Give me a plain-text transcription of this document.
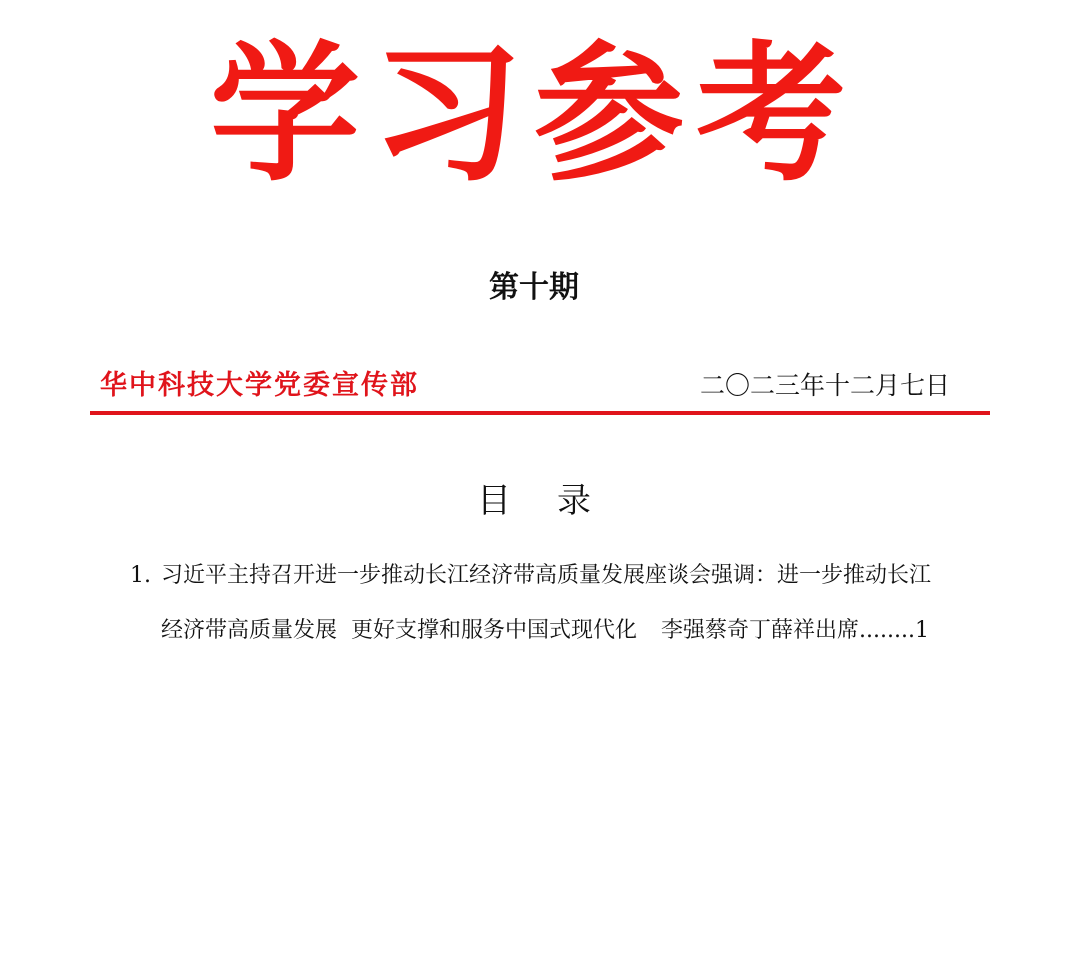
学习参考
第十期
华中科技大学党委宣传部	二〇二三年十二月七日
目 录
1. 习近平主持召开进一步推动长江经济带高质量发展座谈会强调：进一步推动长江
经济带高质量发展 更好支撑和服务中国式现代化 李强蔡奇丁薛祥出席........1
